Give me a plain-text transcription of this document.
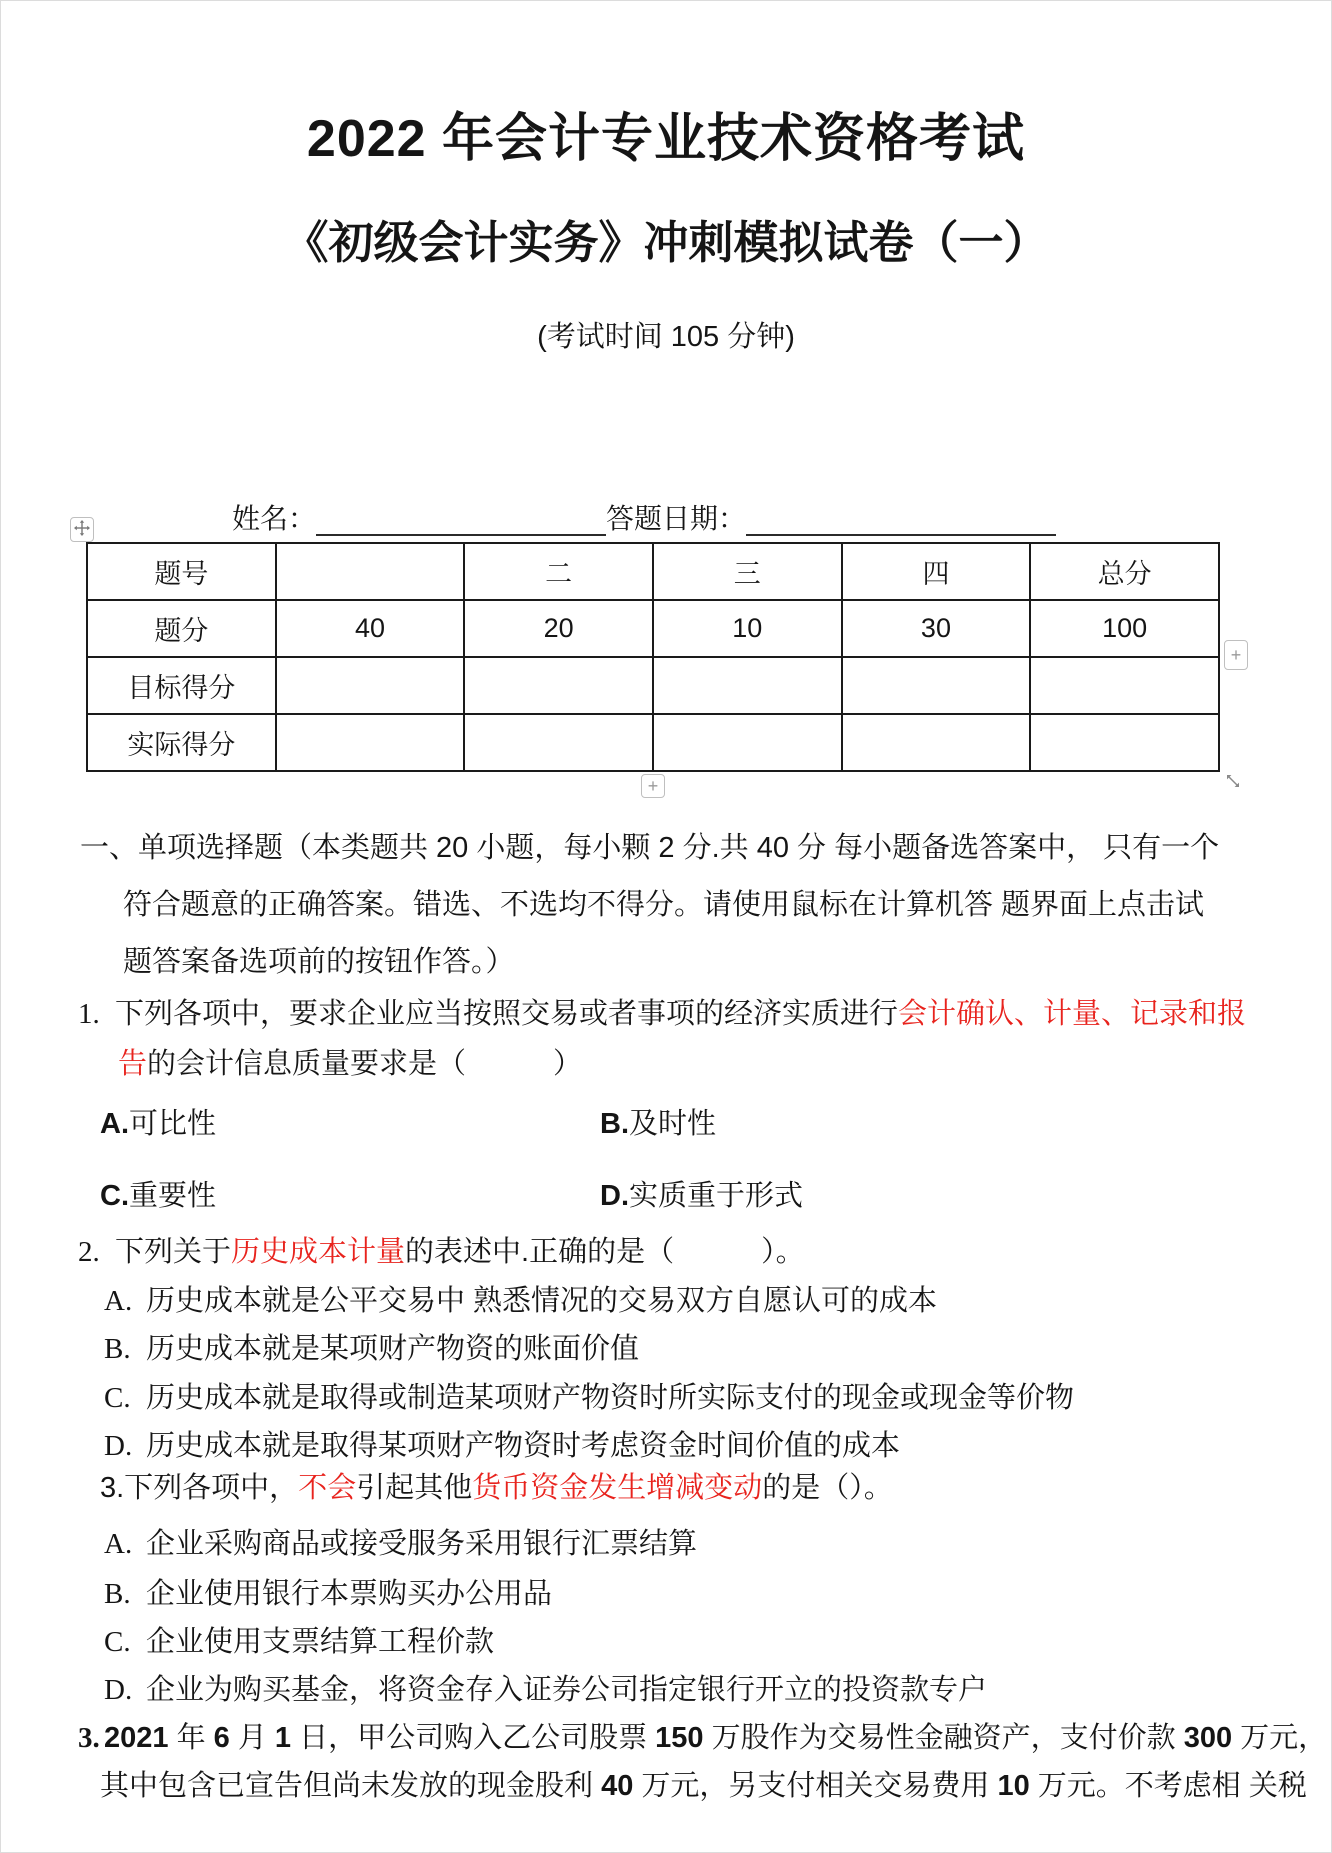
2022 年会计专业技术资格考试
《初级会计实务》冲刺模拟试卷（一）
(考试时间 105 分钟)
姓名：	答题日期：
题号		二	三	四	总分
题分	40	20	10	30	100
目标得分					
实际得分					
+
+
一、单项选择题（本类题共 20 小题，每小颗 2 分.共 40 分 每小题备选答案中， 只有一个
符合题意的正确答案。错选、不选均不得分。请使用鼠标在计算机答 题界面上点击试
题答案备选项前的按钮作答。）
1. 下列各项中，要求企业应当按照交易或者事项的经济实质进行会计确认、计量、记录和报
告的会计信息质量要求是（　　　）
A.可比性	B.及时性
C.重要性	D.实质重于形式
2. 下列关于历史成本计量的表述中.正确的是（　　　）。
A. 历史成本就是公平交易中 熟悉情况的交易双方自愿认可的成本
B. 历史成本就是某项财产物资的账面价值
C. 历史成本就是取得或制造某项财产物资时所实际支付的现金或现金等价物
D. 历史成本就是取得某项财产物资时考虑资金时间价值的成本
3.下列各项中，不会引起其他货币资金发生增减变动的是（）。
A. 企业采购商品或接受服务采用银行汇票结算
B. 企业使用银行本票购买办公用品
C. 企业使用支票结算工程价款
D. 企业为购买基金，将资金存入证券公司指定银行开立的投资款专户
3. 2021 年 6 月 1 日，甲公司购入乙公司股票 150 万股作为交易性金融资产，支付价款 300 万元，
其中包含已宣告但尚未发放的现金股利 40 万元，另支付相关交易费用 10 万元。不考虑相 关税
